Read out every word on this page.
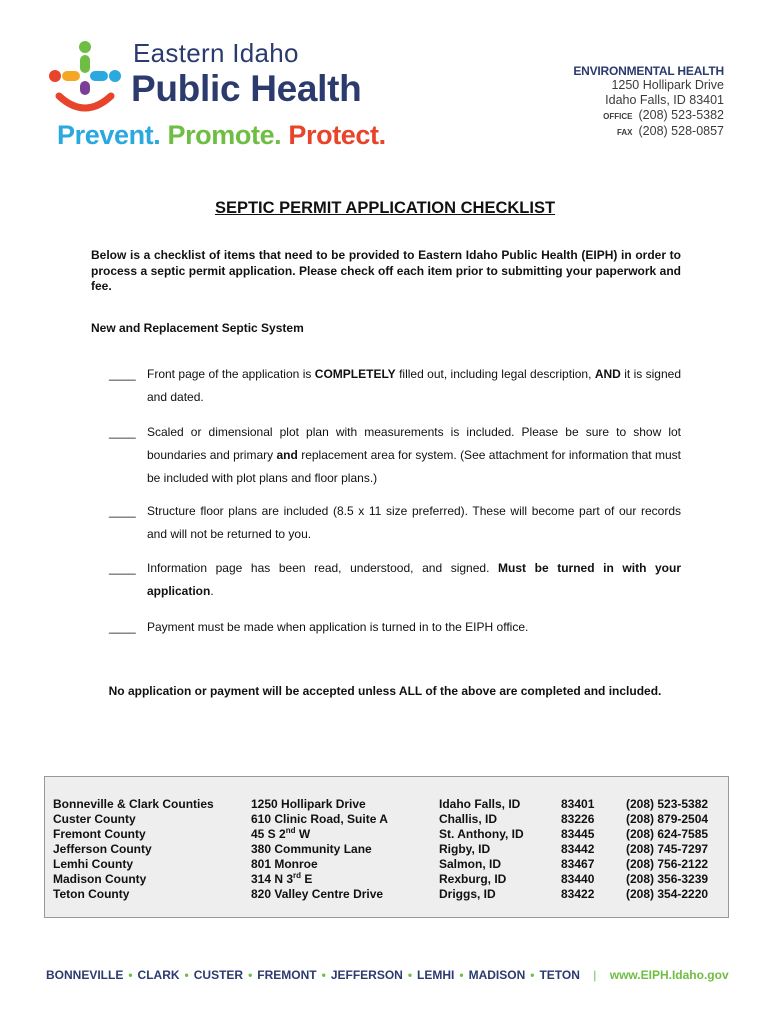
Eastern Idaho
Public Health
Prevent. Promote. Protect.
ENVIRONMENTAL HEALTH
1250 Hollipark Drive
Idaho Falls, ID 83401
OFFICE (208) 523-5382
FAX (208) 528-0857
SEPTIC PERMIT APPLICATION CHECKLIST
Below is a checklist of items that need to be provided to Eastern Idaho Public Health (EIPH) in order to process a septic permit application. Please check off each item prior to submitting your paperwork and fee.
New and Replacement Septic System
____ Front page of the application is COMPLETELY filled out, including legal description, AND it is signed and dated.
____ Scaled or dimensional plot plan with measurements is included. Please be sure to show lot boundaries and primary and replacement area for system. (See attachment for information that must be included with plot plans and floor plans.)
____ Structure floor plans are included (8.5 x 11 size preferred). These will become part of our records and will not be returned to you.
____ Information page has been read, understood, and signed. Must be turned in with your application.
____ Payment must be made when application is turned in to the EIPH office.
No application or payment will be accepted unless ALL of the above are completed and included.
Bonneville & Clark Counties	1250 Hollipark Drive	Idaho Falls, ID	83401	(208) 523-5382
Custer County	610 Clinic Road, Suite A	Challis, ID	83226	(208) 879-2504
Fremont County	45 S 2nd W	St. Anthony, ID	83445	(208) 624-7585
Jefferson County	380 Community Lane	Rigby, ID	83442	(208) 745-7297
Lemhi County	801 Monroe	Salmon, ID	83467	(208) 756-2122
Madison County	314 N 3rd E	Rexburg, ID	83440	(208) 356-3239
Teton County	820 Valley Centre Drive	Driggs, ID	83422	(208) 354-2220
BONNEVILLE • CLARK • CUSTER • FREMONT • JEFFERSON • LEMHI • MADISON • TETON | www.EIPH.Idaho.gov
